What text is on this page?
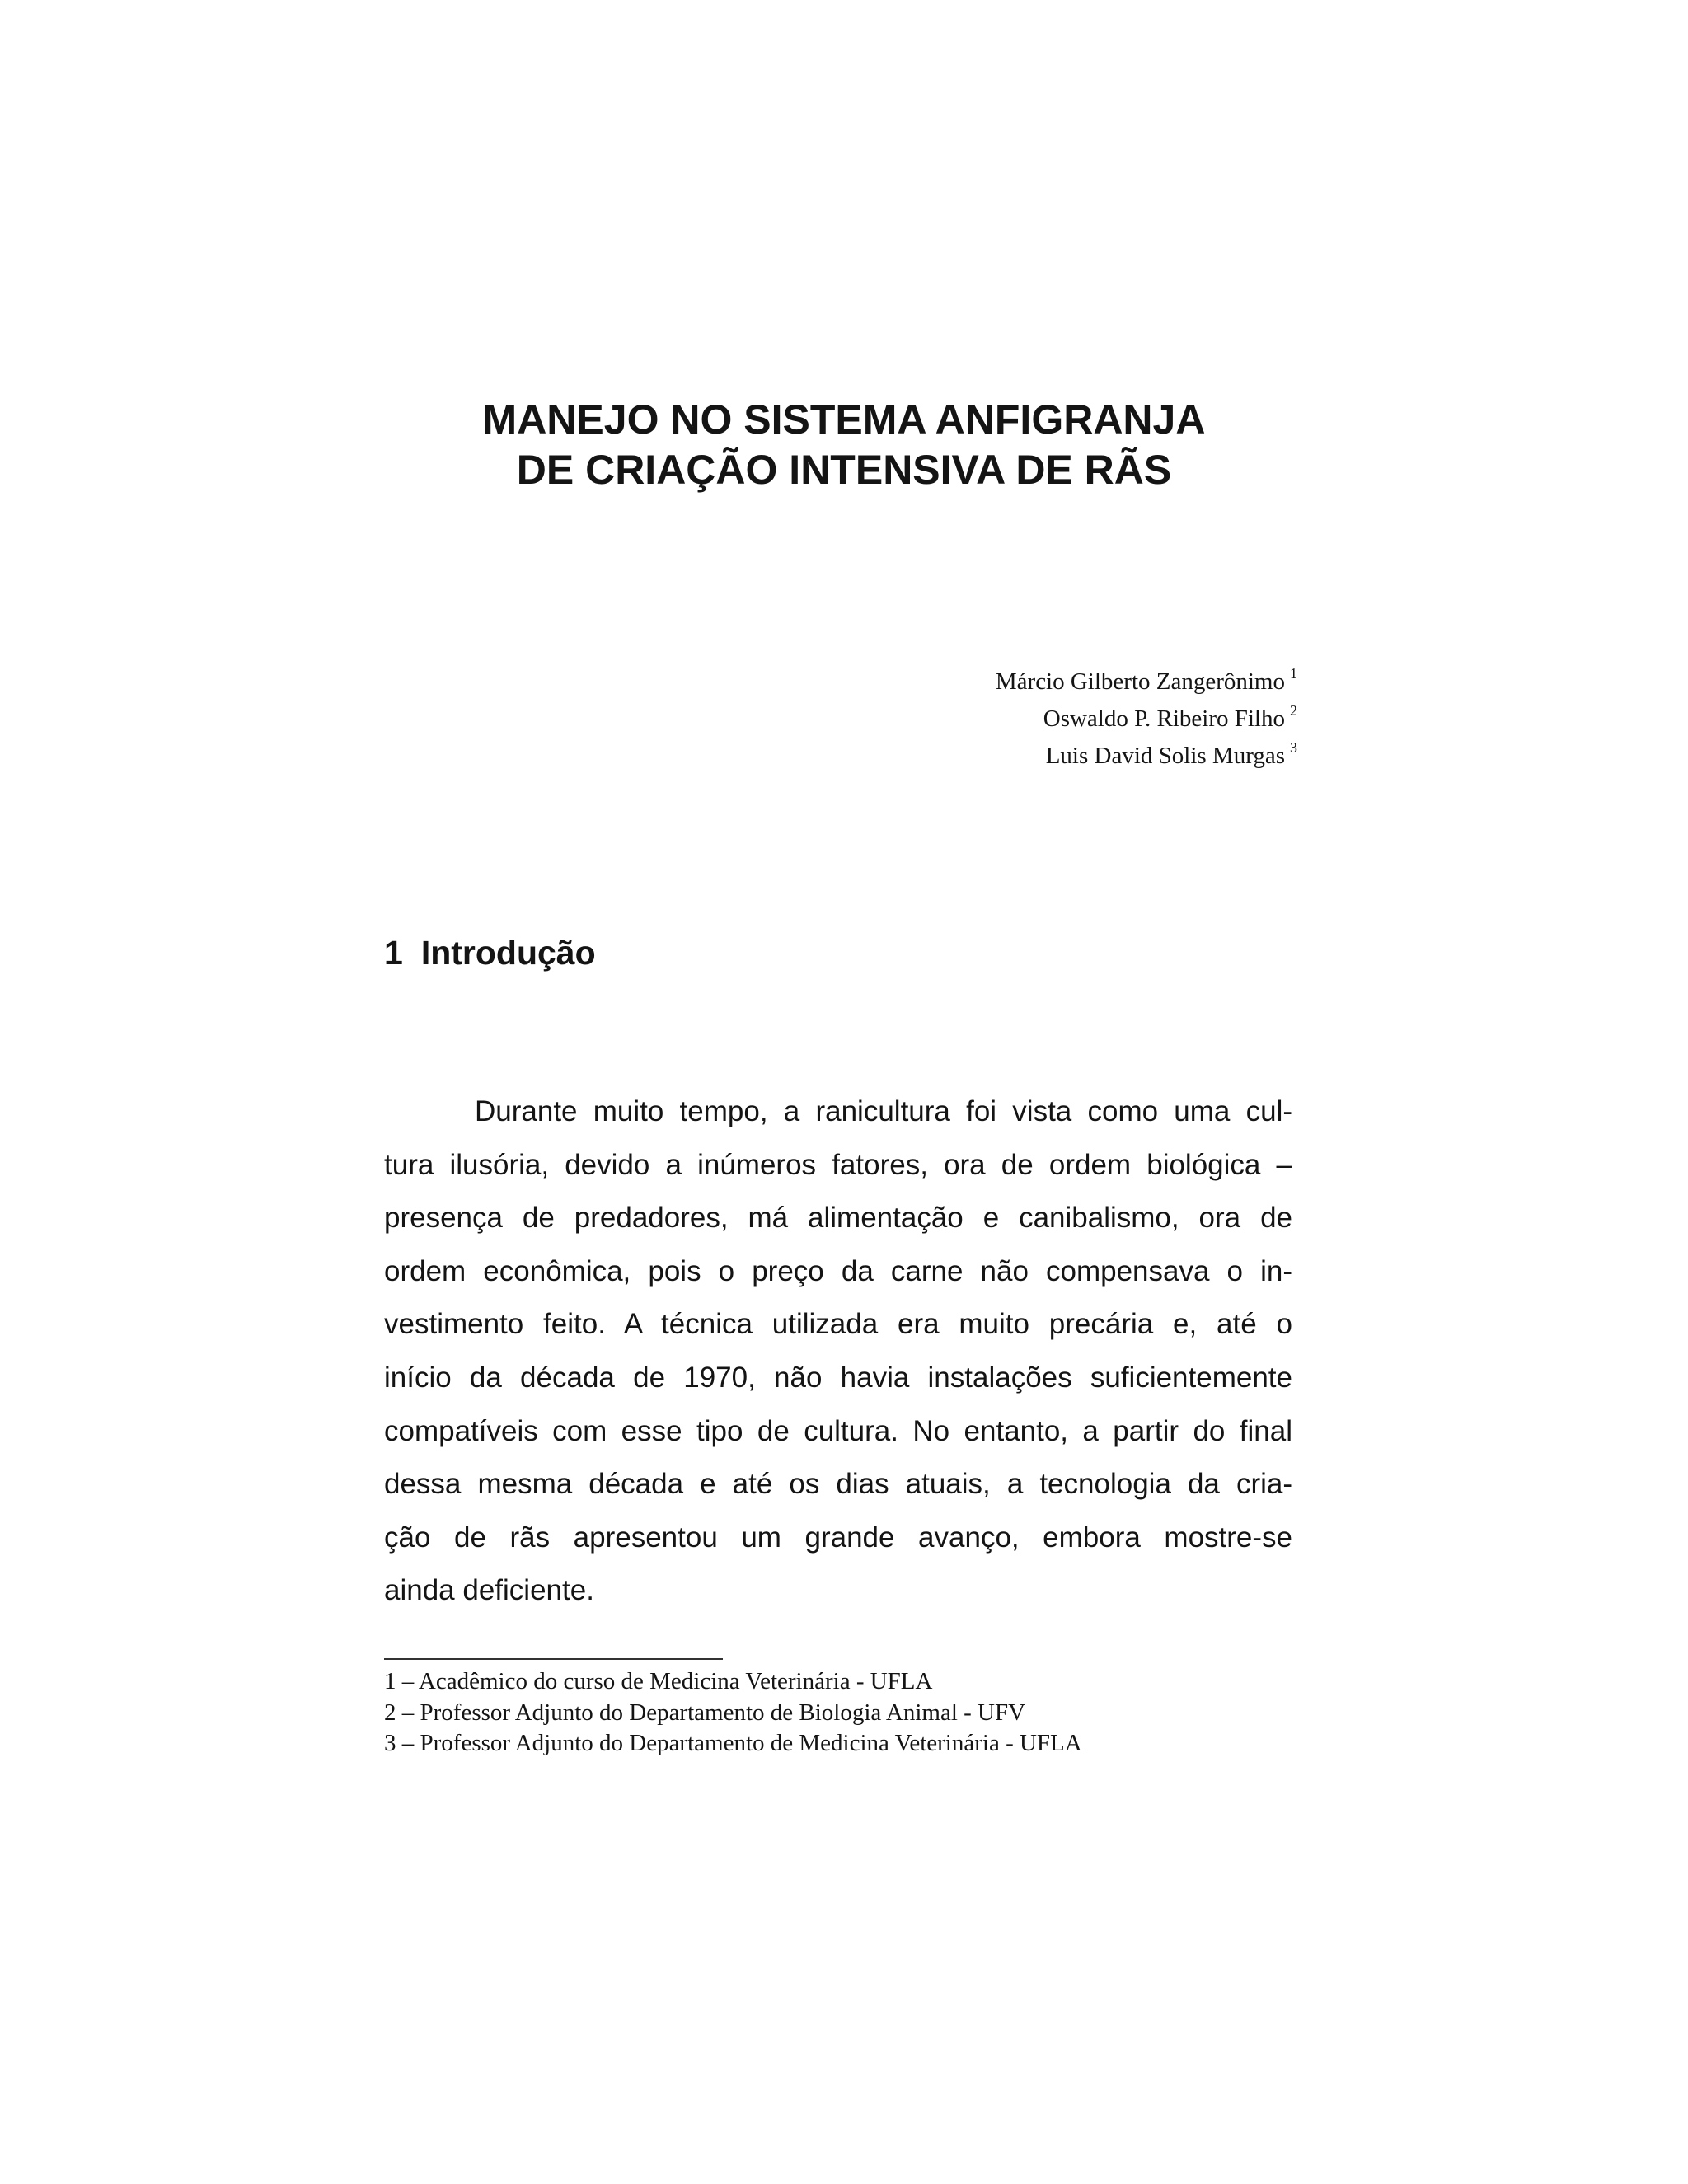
MANEJO NO SISTEMA ANFIGRANJA
DE CRIAÇÃO INTENSIVA DE RÃS
Márcio Gilberto Zangerônimo $^1$
Oswaldo P. Ribeiro Filho $^2$
Luis David Solis Murgas $^3$
1 Introdução
Durante muito tempo, a ranicultura foi vista como uma cul-
tura ilusória, devido a inúmeros fatores, ora de ordem biológica –
presença de predadores, má alimentação e canibalismo, ora de
ordem econômica, pois o preço da carne não compensava o in-
vestimento feito. A técnica utilizada era muito precária e, até o
início da década de 1970, não havia instalações suficientemente
compatíveis com esse tipo de cultura. No entanto, a partir do final
dessa mesma década e até os dias atuais, a tecnologia da cria-
ção de rãs apresentou um grande avanço, embora mostre-se
ainda deficiente.
1 – Acadêmico do curso de Medicina Veterinária - UFLA
2 – Professor Adjunto do Departamento de Biologia Animal - UFV
3 – Professor Adjunto do Departamento de Medicina Veterinária - UFLA
